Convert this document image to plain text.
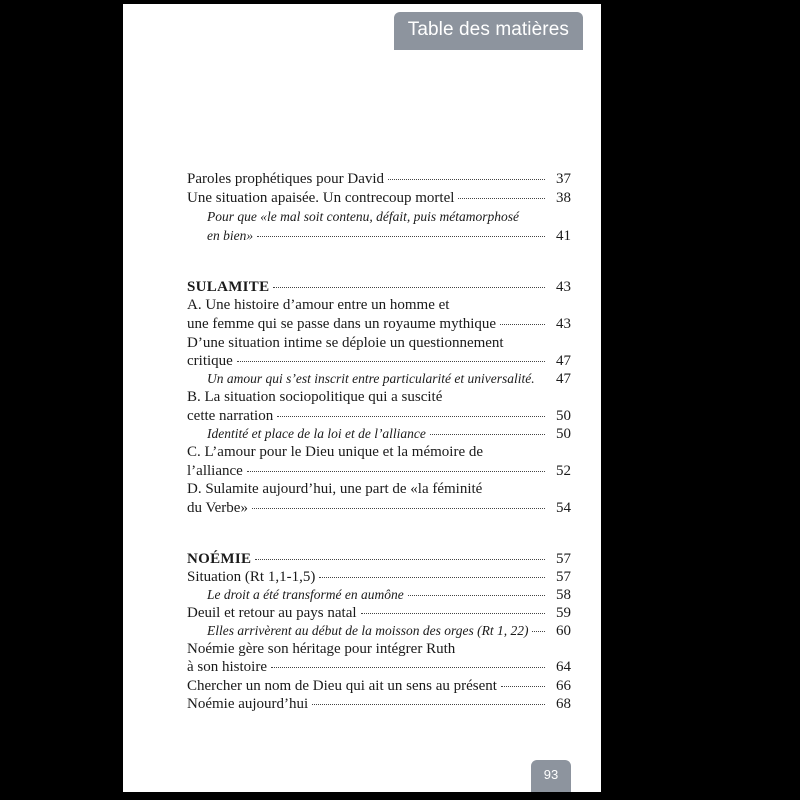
Table des matières
Paroles prophétiques pour David	37
Une situation apaisée. Un contrecoup mortel	38
Pour que «le mal soit contenu, défait, puis métamorphosé
en bien»	41
SULAMITE	43
A. Une histoire d’amour entre un homme et
une femme qui se passe dans un royaume mythique	43
D’une situation intime se déploie un questionnement
critique	47
Un amour qui s’est inscrit entre particularité et universalité.	47
B. La situation sociopolitique qui a suscité
cette narration	50
Identité et place de la loi et de l’alliance	50
C. L’amour pour le Dieu unique et la mémoire de
l’alliance	52
D. Sulamite aujourd’hui, une part de «la féminité
du Verbe»	54
NOÉMIE	57
Situation (Rt 1,1-1,5)	57
Le droit a été transformé en aumône	58
Deuil et retour au pays natal	59
Elles arrivèrent au début de la moisson des orges (Rt 1, 22)	60
Noémie gère son héritage pour intégrer Ruth
à son histoire	64
Chercher un nom de Dieu qui ait un sens au présent	66
Noémie aujourd’hui	68
93
